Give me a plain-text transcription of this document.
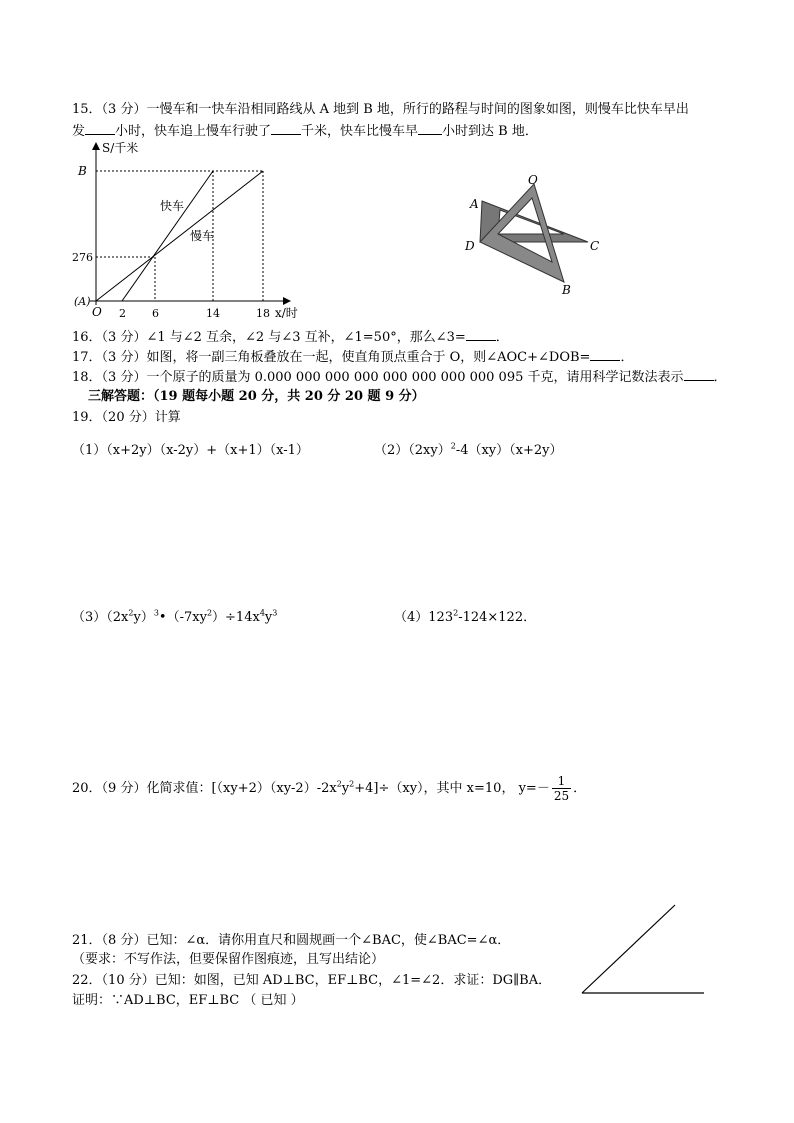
15．（3 分）一慢车和一快车沿相同路线从 A 地到 B 地，所行的路程与时间的图象如图，则慢车比快车早出
发 小时，快车追上慢车行驶了 千米，快车比慢车早 小时到达 B 地．
S/千米
B
276
(A)
O 2 6	14	18 x/时
快车
慢车
O
A
D	C
B
16．（3 分）∠1 与∠2 互余，∠2 与∠3 互补，∠1=50°，那么∠3= ．
17．（3 分）如图，将一副三角板叠放在一起，使直角顶点重合于 O，则∠AOC+∠DOB= ．
18．（3 分）一个原子的质量为 0.000 000 000 000 000 000 000 000 095 千克，请用科学记数法表示 ．
三解答题：（19 题每小题 20 分，共 20 分 20 题 9 分）
19．（20 分）计算
（1）（x+2y）（x-2y）+（x+1）（x-1）	$(2)(2xy)^2-4(xy)(x+2y)$
$(3)(2x^2y)^3•(-7xy^2)\div 14x^4y^3$	$(4)123^2-124\times 122$．
20．（9 分）化简求值：$[(xy+2)(xy-2)-2x^2y^2+4]\div(xy)$，其中 x=10， $y=- \frac{1}{25}$ ．
21．（8 分）已知：∠α．请你用直尺和圆规画一个∠BAC，使∠BAC=∠α．
（要求：不写作法，但要保留作图痕迹，且写出结论）
22．（10 分）已知：如图，已知 AD⊥BC，EF⊥BC，∠1=∠2．求证：DG∥BA．
证明：∵AD⊥BC，EF⊥BC （ 已知 ）
